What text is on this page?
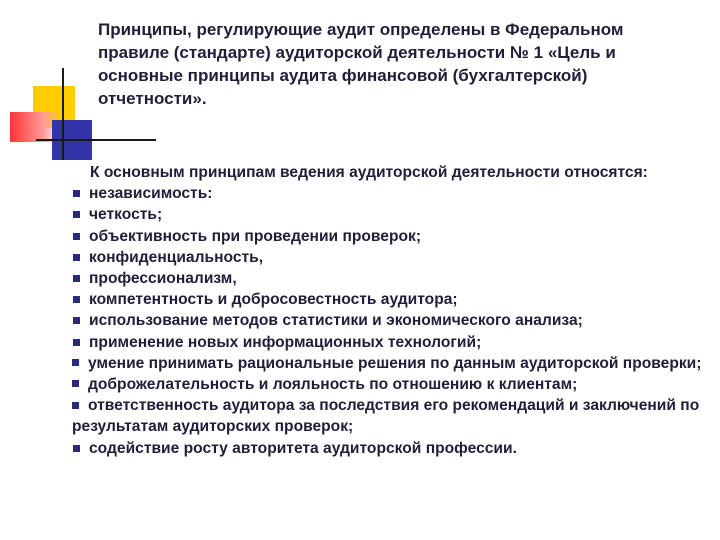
Принципы, регулирующие аудит определены в Федеральном правиле (стандарте) аудиторской деятельности № 1 «Цель и основные принципы аудита финансовой (бухгалтерской) отчетности».
К основным принципам ведения аудиторской деятельности относятся:
независимость:
четкость;
объективность при проведении проверок;
конфиденциальность,
профессионализм,
компетентность и добросовестность аудитора;
использование методов статистики и экономического анализа;
применение новых информационных технологий;
умение принимать рациональные решения по данным аудиторской проверки;
доброжелательность и лояльность по отношению к клиентам;
ответственность аудитора за последствия его рекомендаций и заключений по результатам аудиторских проверок;
содействие росту авторитета аудиторской профессии.
